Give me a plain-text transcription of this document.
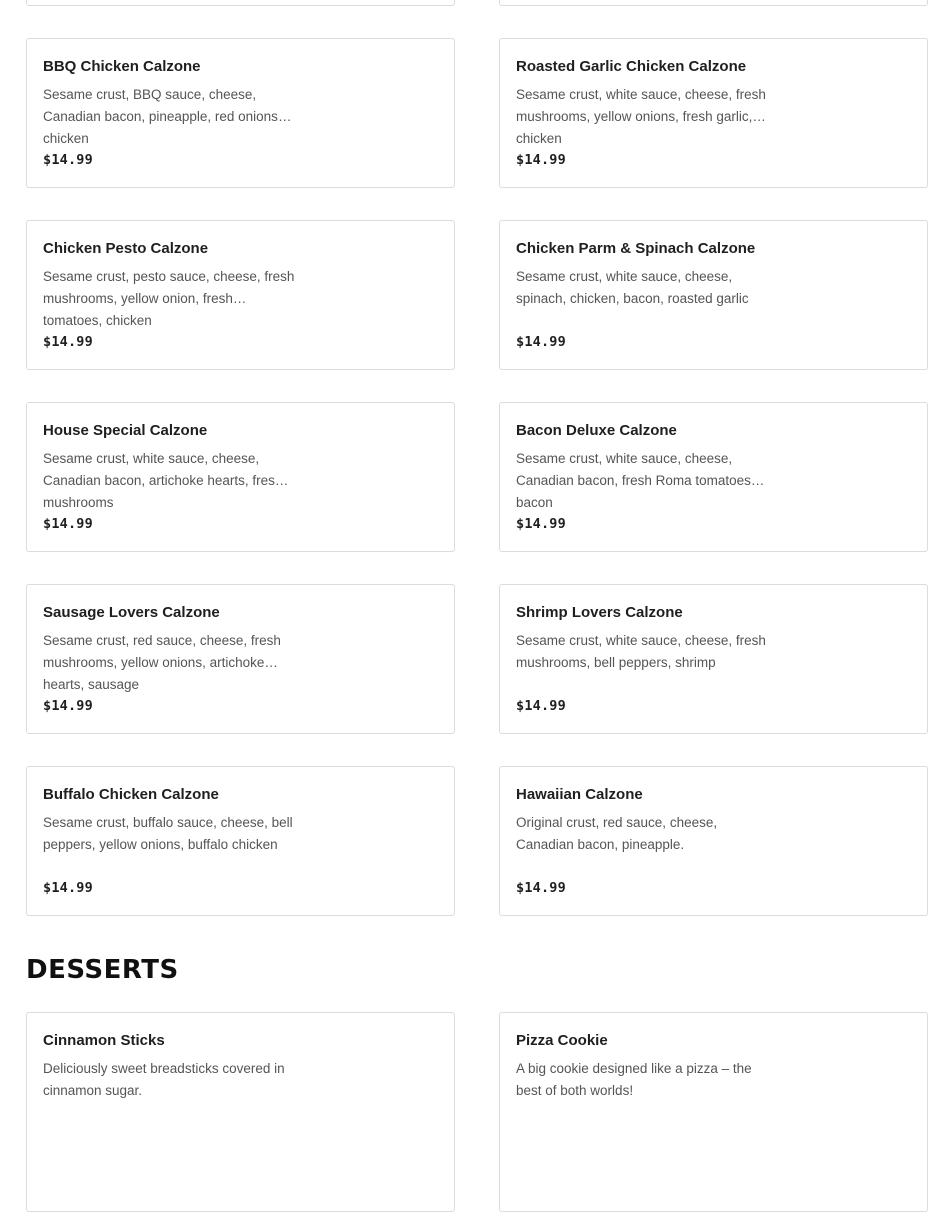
BBQ Chicken Calzone
Sesame crust, BBQ sauce, cheese, Canadian bacon, pineapple, red onions, chicken
$14.99
Roasted Garlic Chicken Calzone
Sesame crust, white sauce, cheese, fresh mushrooms, yellow onions, fresh garlic, chicken
$14.99
Chicken Pesto Calzone
Sesame crust, pesto sauce, cheese, fresh mushrooms, yellow onion, fresh tomatoes, chicken
$14.99
Chicken Parm & Spinach Calzone
Sesame crust, white sauce, cheese, spinach, chicken, bacon, roasted garlic
$14.99
House Special Calzone
Sesame crust, white sauce, cheese, Canadian bacon, artichoke hearts, fresh mushrooms
$14.99
Bacon Deluxe Calzone
Sesame crust, white sauce, cheese, Canadian bacon, fresh Roma tomatoes, bacon
$14.99
Sausage Lovers Calzone
Sesame crust, red sauce, cheese, fresh mushrooms, yellow onions, artichoke hearts, sausage
$14.99
Shrimp Lovers Calzone
Sesame crust, white sauce, cheese, fresh mushrooms, bell peppers, shrimp
$14.99
Buffalo Chicken Calzone
Sesame crust, buffalo sauce, cheese, bell peppers, yellow onions, buffalo chicken
$14.99
Hawaiian Calzone
Original crust, red sauce, cheese, Canadian bacon, pineapple.
$14.99
DESSERTS
Cinnamon Sticks
Deliciously sweet breadsticks covered in cinnamon sugar.
Pizza Cookie
A big cookie designed like a pizza – the best of both worlds!
